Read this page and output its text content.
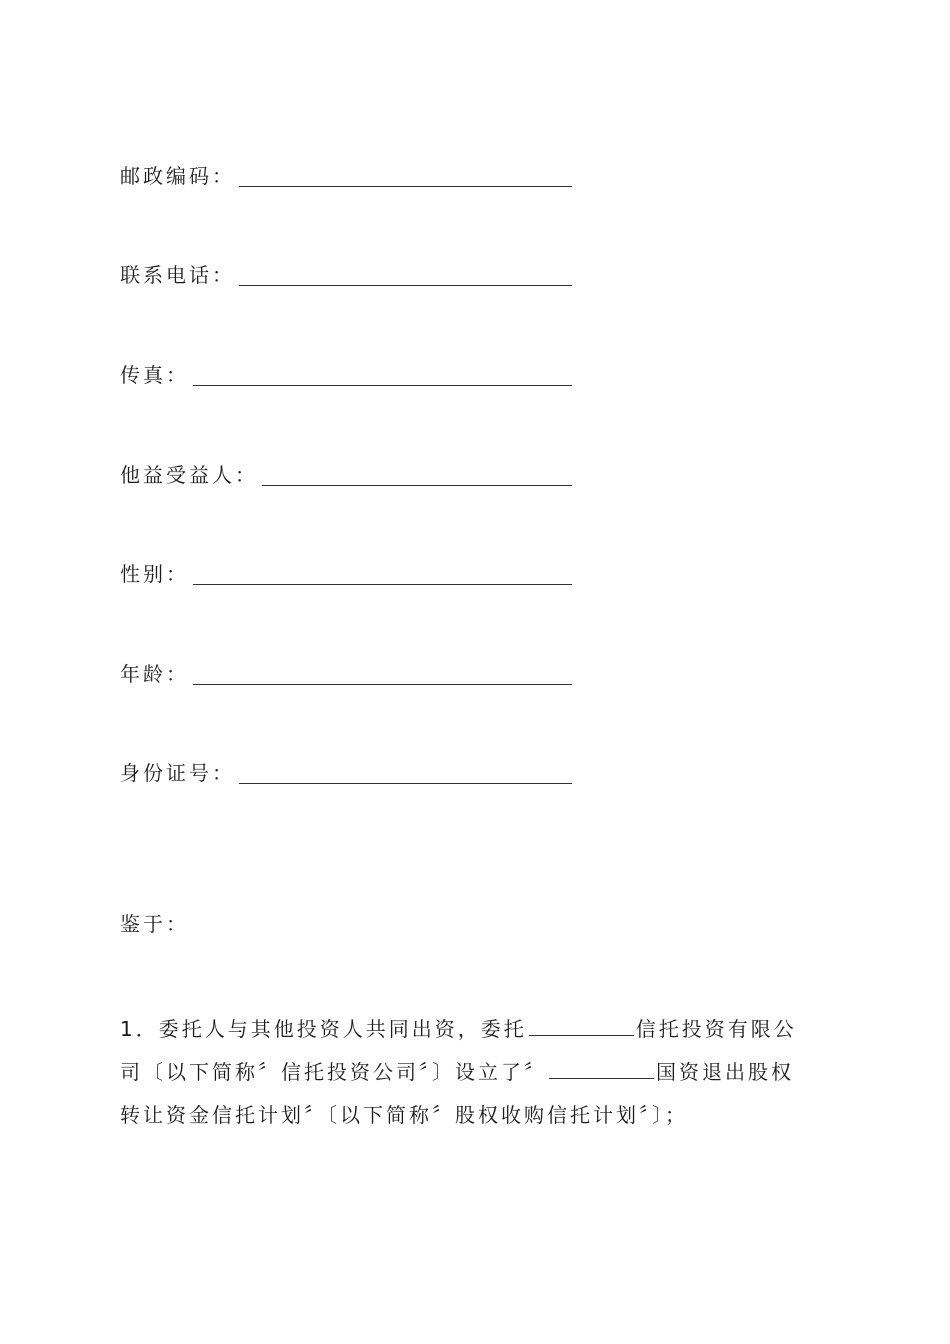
邮政编码：
联系电话：
传真：
他益受益人：
性别：
年龄：
身份证号：
鉴于：
1．委托人与其他投资人共同出资，委托	信托投资有限公
司〔以下简称〞信托投资公司〞〕设立了〞	国资退出股权
转让资金信托计划〞〔以下简称〞股权收购信托计划〞〕；
